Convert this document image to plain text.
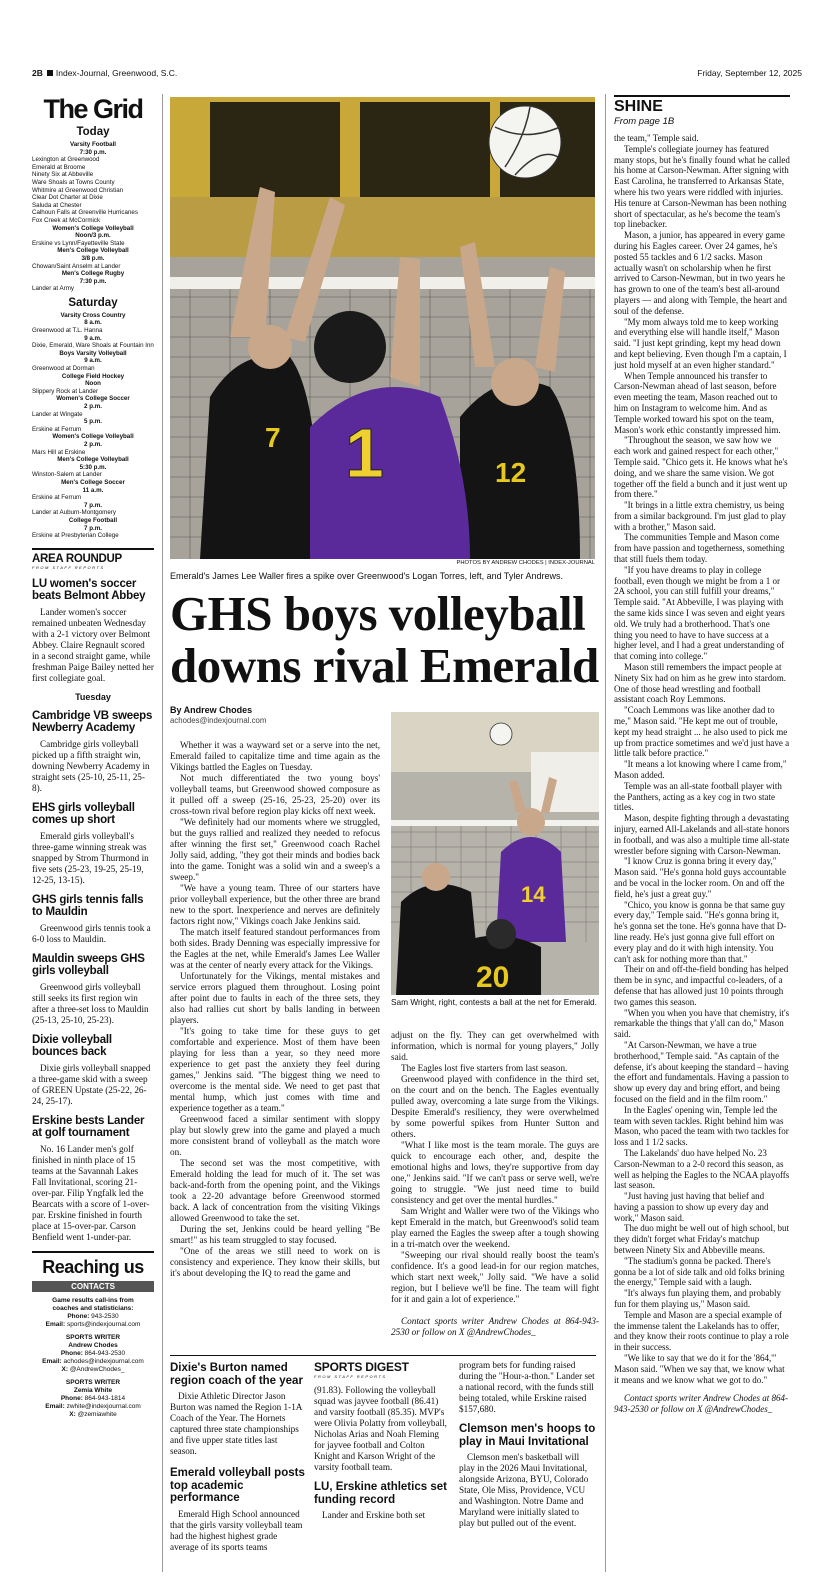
2B Index-Journal, Greenwood, S.C.	Friday, September 12, 2025
The Grid
Today
Varsity Football
7:30 p.m.
Lexington at Greenwood
Emerald at Broome
Ninety Six at Abbeville
Ware Shoals at Towns County
Whitmire at Greenwood Christian
Clear Dot Charter at Dixie
Saluda at Chester
Calhoun Falls at Greenville Hurricanes
Fox Creek at McCormick
Women's College Volleyball
Noon/3 p.m.
Erskine vs Lynn/Fayetteville State
Men's College Volleyball
3/8 p.m.
Chowan/Saint Anselm at Lander
Men's College Rugby
7:30 p.m.
Lander at Army
Saturday
Varsity Cross Country
8 a.m.
Greenwood at T.L. Hanna
9 a.m.
Dixie, Emerald, Ware Shoals at Fountain Inn
Boys Varsity Volleyball
9 a.m.
Greenwood at Dorman
College Field Hockey
Noon
Slippery Rock at Lander
Women's College Soccer
2 p.m.
Lander at Wingate
5 p.m.
Erskine at Ferrum
Women's College Volleyball
2 p.m.
Mars Hill at Erskine
Men's College Volleyball
5:30 p.m.
Winston-Salem at Lander
Men's College Soccer
11 a.m.
Erskine at Ferrum
7 p.m.
Lander at Auburn-Montgomery
College Football
7 p.m.
Erskine at Presbyterian College
AREA ROUNDUP
FROM STAFF REPORTS
LU women's soccer beats Belmont Abbey

Lander women's soccer remained unbeaten Wednesday with a 2-1 victory over Belmont Abbey. Claire Regnault scored in a second straight game, while freshman Paige Bailey netted her first collegiate goal.

Tuesday
Cambridge VB sweeps Newberry Academy

Cambridge girls volleyball picked up a fifth straight win, downing Newberry Academy in straight sets (25-10, 25-11, 25-8).

EHS girls volleyball comes up short

Emerald girls volleyball's three-game winning streak was snapped by Strom Thurmond in five sets (25-23, 19-25, 25-19, 12-25, 13-15).

GHS girls tennis falls to Mauldin

Greenwood girls tennis took a 6-0 loss to Mauldin.

Mauldin sweeps GHS girls volleyball

Greenwood girls volleyball still seeks its first region win after a three-set loss to Mauldin (25-13, 25-10, 25-23).

Dixie volleyball bounces back

Dixie girls volleyball snapped a three-game skid with a sweep of GREEN Upstate (25-22, 26-24, 25-17).

Erskine bests Lander at golf tournament

No. 16 Lander men's golf finished in ninth place of 15 teams at the Savannah Lakes Fall Invitational, scoring 21-over-par. Filip Yngfalk led the Bearcats with a score of 1-over-par. Erskine finished in fourth place at 15-over-par. Carson Benfield went 1-under-par.

Reaching us
CONTACTS
Game results call-ins from
coaches and statisticians:
Phone: 943-2530
Email: sports@indexjournal.com
SPORTS WRITER
Andrew Chodes
Phone: 864-943-2530
Email: achodes@indexjournal.com
X: @AndrewChodes_
SPORTS WRITER
Zemia White
Phone: 864-943-1814
Email: zwhite@indexjournal.com
X: @zemiawhite
7
12
1
PHOTOS BY ANDREW CHODES | INDEX-JOURNAL
Emerald's James Lee Waller fires a spike over Greenwood's Logan Torres, left, and Tyler Andrews.
GHS boys volleyball downs rival Emerald
By Andrew Chodes
achodes@indexjournal.com

Whether it was a wayward set or a serve into the net, Emerald failed to capitalize time and time again as the Vikings battled the Eagles on Tuesday.

Not much differentiated the two young boys' volleyball teams, but Greenwood showed composure as it pulled off a sweep (25-16, 25-23, 25-20) over its cross-town rival before region play kicks off next week.

"We definitely had our moments where we struggled, but the guys rallied and realized they needed to refocus after winning the first set," Greenwood coach Rachel Jolly said, adding, "they got their minds and bodies back into the game. Tonight was a solid win and a sweep's a sweep."

"We have a young team. Three of our starters have prior volleyball experience, but the other three are brand new to the sport. Inexperience and nerves are definitely factors right now," Vikings coach Jake Jenkins said.

The match itself featured standout performances from both sides. Brady Denning was especially impressive for the Eagles at the net, while Emerald's James Lee Waller was at the center of nearly every attack for the Vikings.

Unfortunately for the Vikings, mental mistakes and service errors plagued them throughout. Losing point after point due to faults in each of the three sets, they also had rallies cut short by balls landing in between players.

"It's going to take time for these guys to get comfortable and experience. Most of them have been playing for less than a year, so they need more experience to get past the anxiety they feel during games," Jenkins said. "The biggest thing we need to overcome is the mental side. We need to get past that mental hump, which just comes with time and experience together as a team."

Greenwood faced a similar sentiment with sloppy play but slowly grew into the game and played a much more consistent brand of volleyball as the match wore on.

The second set was the most competitive, with Emerald holding the lead for much of it. The set was back-and-forth from the opening point, and the Vikings took a 22-20 advantage before Greenwood stormed back. A lack of concentration from the visiting Vikings allowed Greenwood to take the set.

During the set, Jenkins could be heard yelling "Be smart!" as his team struggled to stay focused.

"One of the areas we still need to work on is consistency and experience. They know their skills, but it's about developing the IQ to read the game and

14
20
Sam Wright, right, contests a ball at the net for Emerald.

adjust on the fly. They can get overwhelmed with information, which is normal for young players," Jolly said.

The Eagles lost five starters from last season.

Greenwood played with confidence in the third set, on the court and on the bench. The Eagles eventually pulled away, overcoming a late surge from the Vikings. Despite Emerald's resiliency, they were overwhelmed by some powerful spikes from Hunter Sutton and others.

"What I like most is the team morale. The guys are quick to encourage each other, and, despite the emotional highs and lows, they're supportive from day one," Jenkins said. "If we can't pass or serve well, we're going to struggle. "We just need time to build consistency and get over the mental hurdles."

Sam Wright and Waller were two of the Vikings who kept Emerald in the match, but Greenwood's solid team play earned the Eagles the sweep after a tough showing in a tri-match over the weekend.

"Sweeping our rival should really boost the team's confidence. It's a good lead-in for our region matches, which start next week," Jolly said. "We have a solid region, but I believe we'll be fine. The team will fight for it and gain a lot of experience."

Contact sports writer Andrew Chodes at 864-943-2530 or follow on X @AndrewChodes_

SHINE
From page 1B

the team," Temple said.

Temple's collegiate journey has featured many stops, but he's finally found what he called his home at Carson-Newman. After signing with East Carolina, he transferred to Arkansas State, where his two years were riddled with injuries. His tenure at Carson-Newman has been nothing short of spectacular, as he's become the team's top linebacker.

Mason, a junior, has appeared in every game during his Eagles career. Over 24 games, he's posted 55 tackles and 6 1/2 sacks. Mason actually wasn't on scholarship when he first arrived to Carson-Newman, but in two years he has grown to one of the team's best all-around players — and along with Temple, the heart and soul of the defense.

"My mom always told me to keep working and everything else will handle itself," Mason said. "I just kept grinding, kept my head down and kept believing. Even though I'm a captain, I just hold myself at an even higher standard."

When Temple announced his transfer to Carson-Newman ahead of last season, before even meeting the team, Mason reached out to him on Instagram to welcome him. And as Temple worked toward his spot on the team, Mason's work ethic constantly impressed him.

"Throughout the season, we saw how we each work and gained respect for each other," Temple said. "Chico gets it. He knows what he's doing, and we share the same vision. We got together off the field a bunch and it just went up from there."

"It brings in a little extra chemistry, us being from a similar background. I'm just glad to play with a brother," Mason said.

The communities Temple and Mason come from have passion and togetherness, something that still fuels them today.

"If you have dreams to play in college football, even though we might be from a 1 or 2A school, you can still fulfill your dreams," Temple said. "At Abbeville, I was playing with the same kids since I was seven and eight years old. We truly had a brotherhood. That's one thing you need to have to have success at a higher level, and I had a great understanding of that coming into college."

Mason still remembers the impact people at Ninety Six had on him as he grew into stardom. One of those head wrestling and football assistant coach Roy Lemmons.

"Coach Lemmons was like another dad to me," Mason said. "He kept me out of trouble, kept my head straight ... he also used to pick me up from practice sometimes and we'd just have a little talk before practice."

"It means a lot knowing where I came from," Mason added.

Temple was an all-state football player with the Panthers, acting as a key cog in two state titles.

Mason, despite fighting through a devastating injury, earned All-Lakelands and all-state honors in football, and was also a multiple time all-state wrestler before signing with Carson-Newman.

"I know Cruz is gonna bring it every day," Mason said. "He's gonna hold guys accountable and be vocal in the locker room. On and off the field, he's just a great guy."

"Chico, you know is gonna be that same guy every day," Temple said. "He's gonna bring it, he's gonna set the tone. He's gonna have that D-line ready. He's just gonna give full effort on every play and do it with high intensity. You can't ask for nothing more than that."

Their on and off-the-field bonding has helped them be in sync, and impactful co-leaders, of a defense that has allowed just 10 points through two games this season.

"When you when you have that chemistry, it's remarkable the things that y'all can do," Mason said.

"At Carson-Newman, we have a true brotherhood," Temple said. "As captain of the defense, it's about keeping the standard – having the effort and fundamentals. Having a passion to show up every day and bring effort, and being focused on the field and in the film room."

In the Eagles' opening win, Temple led the team with seven tackles. Right behind him was Mason, who paced the team with two tackles for loss and 1 1/2 sacks.

The Lakelands' duo have helped No. 23 Carson-Newman to a 2-0 record this season, as well as helping the Eagles to the NCAA playoffs last season.

"Just having just having that belief and having a passion to show up every day and work," Mason said.

The duo might be well out of high school, but they didn't forget what Friday's matchup between Ninety Six and Abbeville means.

"The stadium's gonna be packed. There's gonna be a lot of side talk and old folks brining the energy," Temple said with a laugh.

"It's always fun playing them, and probably fun for them playing us," Mason said.

Temple and Mason are a special example of the immense talent the Lakelands has to offer, and they know their roots continue to play a role in their success.

"We like to say that we do it for the '864,'" Mason said. "When we say that, we know what it means and we know what we got to do."

Contact sports writer Andrew Chodes at 864-943-2530 or follow on X @AndrewChodes_

Dixie's Burton named region coach of the year

Dixie Athletic Director Jason Burton was named the Region 1-1A Coach of the Year. The Hornets captured three state championships and five upper state titles last season.

Emerald volleyball posts top academic performance

Emerald High School announced that the girls varsity volleyball team had the highest highest grade average of its sports teams

SPORTS DIGEST
FROM STAFF REPORTS

(91.83). Following the volleyball squad was jayvee football (86.41) and varsity football (85.35). MVP's were Olivia Polatty from volleyball, Nicholas Arias and Noah Fleming for jayvee football and Colton Knight and Karson Wright of the varsity football team.

LU, Erskine athletics set funding record

Lander and Erskine both set

program bets for funding raised during the "Hour-a-thon." Lander set a national record, with the funds still being totaled, while Erskine raised $157,680.

Clemson men's hoops to play in Maui Invitational

Clemson men's basketball will play in the 2026 Maui Invitational, alongside Arizona, BYU, Colorado State, Ole Miss, Providence, VCU and Washington. Notre Dame and Maryland were initially slated to play but pulled out of the event.
